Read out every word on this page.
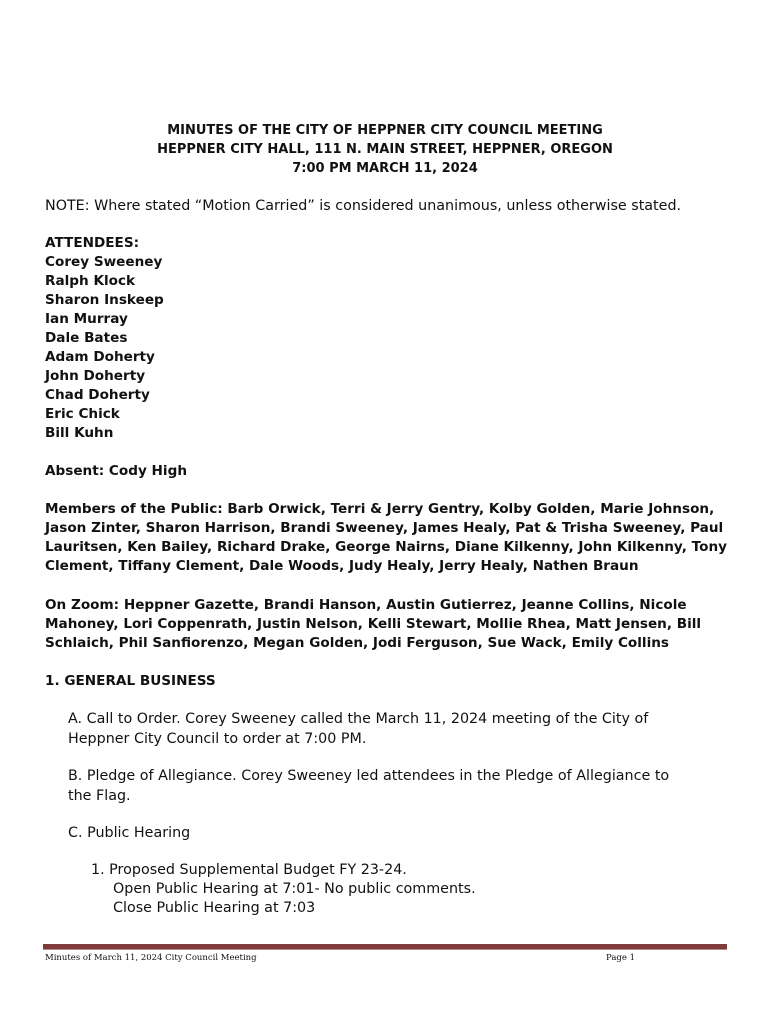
MINUTES OF THE CITY OF HEPPNER CITY COUNCIL MEETING
HEPPNER CITY HALL, 111 N. MAIN STREET, HEPPNER, OREGON
7:00 PM MARCH 11, 2024
NOTE: Where stated “Motion Carried” is considered unanimous, unless otherwise stated.
ATTENDEES:
Corey Sweeney
Ralph Klock
Sharon Inskeep
Ian Murray
Dale Bates
Adam Doherty
John Doherty
Chad Doherty
Eric Chick
Bill Kuhn
Absent: Cody High
Members of the Public: Barb Orwick, Terri & Jerry Gentry, Kolby Golden, Marie Johnson,
Jason Zinter, Sharon Harrison, Brandi Sweeney, James Healy, Pat & Trisha Sweeney, Paul
Lauritsen, Ken Bailey, Richard Drake, George Nairns, Diane Kilkenny, John Kilkenny, Tony
Clement, Tiffany Clement, Dale Woods, Judy Healy, Jerry Healy, Nathen Braun
On Zoom: Heppner Gazette, Brandi Hanson, Austin Gutierrez, Jeanne Collins, Nicole
Mahoney, Lori Coppenrath, Justin Nelson, Kelli Stewart, Mollie Rhea, Matt Jensen, Bill
Schlaich, Phil Sanfiorenzo, Megan Golden, Jodi Ferguson, Sue Wack, Emily Collins
1. GENERAL BUSINESS
A. Call to Order. Corey Sweeney called the March 11, 2024 meeting of the City of
Heppner City Council to order at 7:00 PM.
B. Pledge of Allegiance. Corey Sweeney led attendees in the Pledge of Allegiance to
the Flag.
C. Public Hearing
1. Proposed Supplemental Budget FY 23-24.
Open Public Hearing at 7:01- No public comments.
Close Public Hearing at 7:03
Minutes of March 11, 2024 City Council Meeting	Page 1
